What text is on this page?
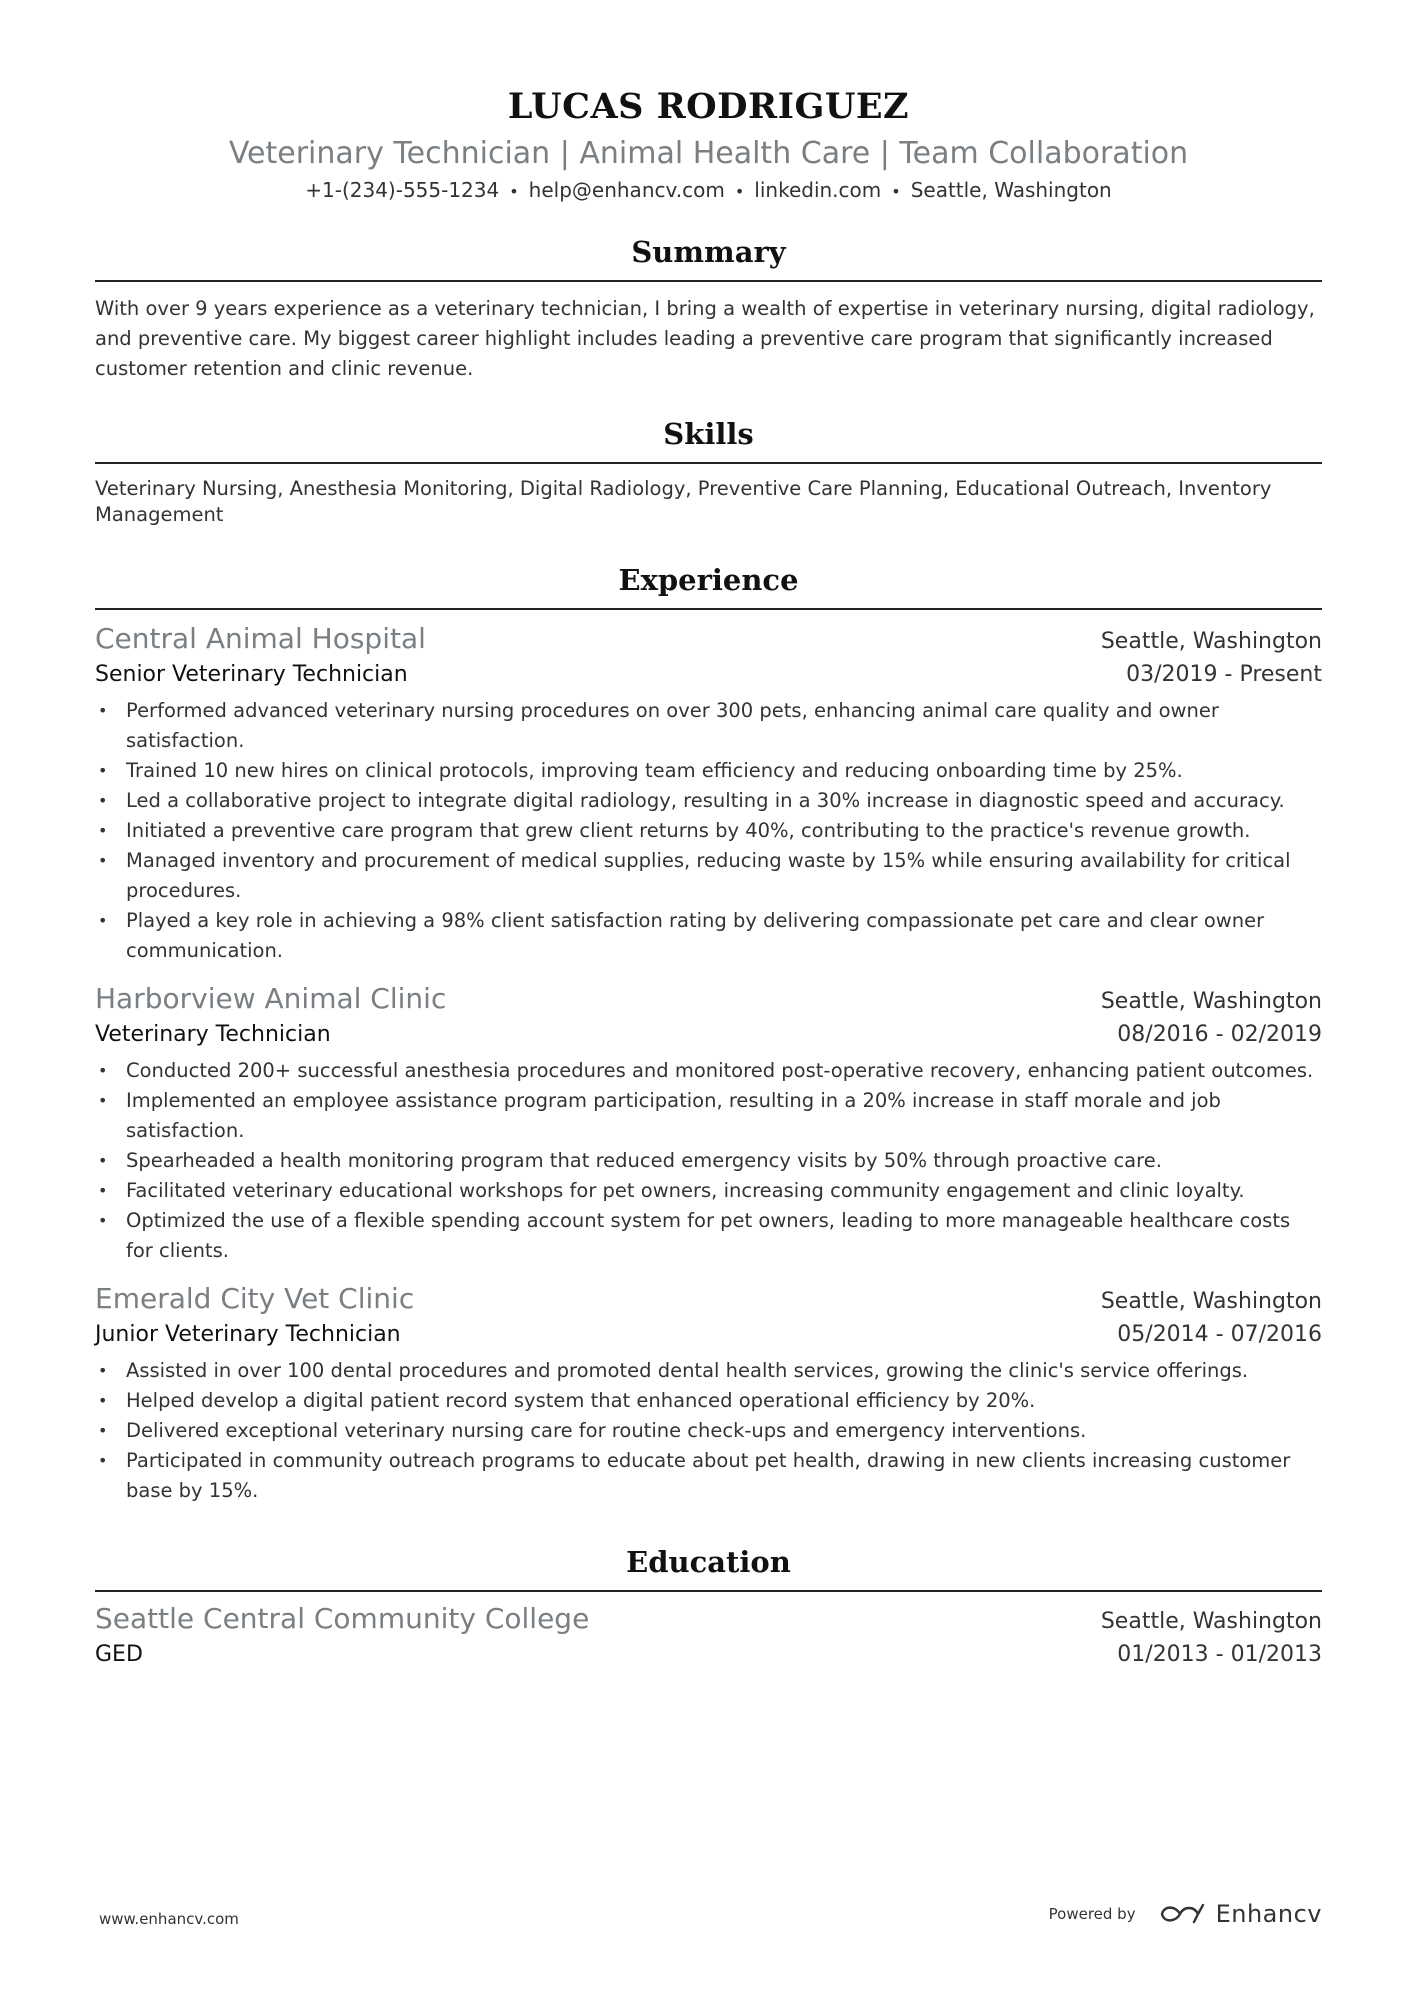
LUCAS RODRIGUEZ
Veterinary Technician | Animal Health Care | Team Collaboration
+1-(234)-555-1234 • help@enhancv.com • linkedin.com • Seattle, Washington
Summary
With over 9 years experience as a veterinary technician, I bring a wealth of expertise in veterinary nursing, digital radiology, and preventive care. My biggest career highlight includes leading a preventive care program that significantly increased customer retention and clinic revenue.
Skills
Veterinary Nursing, Anesthesia Monitoring, Digital Radiology, Preventive Care Planning, Educational Outreach, Inventory Management
Experience
Central Animal Hospital	Seattle, Washington
Senior Veterinary Technician	03/2019 - Present
• Performed advanced veterinary nursing procedures on over 300 pets, enhancing animal care quality and owner satisfaction.
• Trained 10 new hires on clinical protocols, improving team efficiency and reducing onboarding time by 25%.
• Led a collaborative project to integrate digital radiology, resulting in a 30% increase in diagnostic speed and accuracy.
• Initiated a preventive care program that grew client returns by 40%, contributing to the practice's revenue growth.
• Managed inventory and procurement of medical supplies, reducing waste by 15% while ensuring availability for critical procedures.
• Played a key role in achieving a 98% client satisfaction rating by delivering compassionate pet care and clear owner communication.
Harborview Animal Clinic	Seattle, Washington
Veterinary Technician	08/2016 - 02/2019
• Conducted 200+ successful anesthesia procedures and monitored post-operative recovery, enhancing patient outcomes.
• Implemented an employee assistance program participation, resulting in a 20% increase in staff morale and job satisfaction.
• Spearheaded a health monitoring program that reduced emergency visits by 50% through proactive care.
• Facilitated veterinary educational workshops for pet owners, increasing community engagement and clinic loyalty.
• Optimized the use of a flexible spending account system for pet owners, leading to more manageable healthcare costs for clients.
Emerald City Vet Clinic	Seattle, Washington
Junior Veterinary Technician	05/2014 - 07/2016
• Assisted in over 100 dental procedures and promoted dental health services, growing the clinic's service offerings.
• Helped develop a digital patient record system that enhanced operational efficiency by 20%.
• Delivered exceptional veterinary nursing care for routine check-ups and emergency interventions.
• Participated in community outreach programs to educate about pet health, drawing in new clients increasing customer base by 15%.
Education
Seattle Central Community College	Seattle, Washington
GED	01/2013 - 01/2013
www.enhancv.com	Powered by	Enhancv
